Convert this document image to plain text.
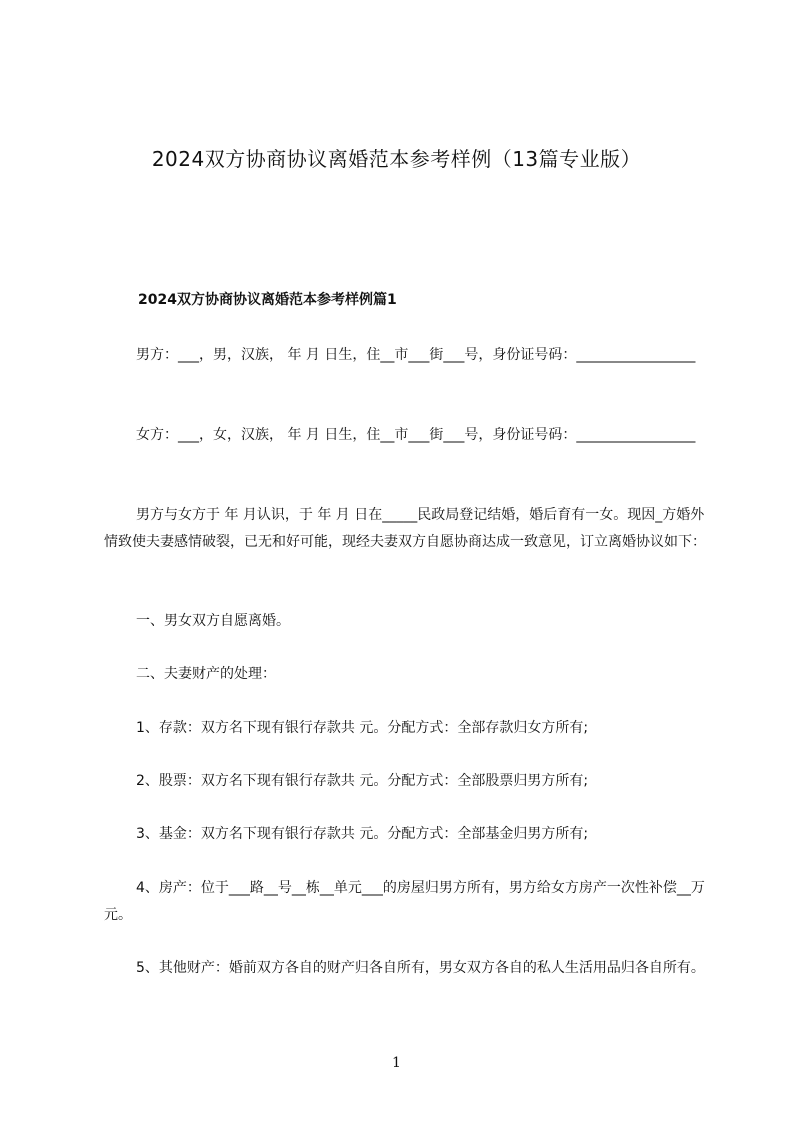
2024双方协商协议离婚范本参考样例（13篇专业版）
2024双方协商协议离婚范本参考样例篇1
男方：___，男，汉族， 年 月 日生，住__市___街___号，身份证号码：_________________
女方：___，女，汉族， 年 月 日生，住__市___街___号，身份证号码：_________________
男方与女方于 年 月认识，于 年 月 日在_____民政局登记结婚，婚后育有一女。现因_方婚外情致使夫妻感情破裂，已无和好可能，现经夫妻双方自愿协商达成一致意见，订立离婚协议如下：
一、男女双方自愿离婚。
二、夫妻财产的处理：
1、存款：双方名下现有银行存款共 元。分配方式：全部存款归女方所有;
2、股票：双方名下现有银行存款共 元。分配方式：全部股票归男方所有;
3、基金：双方名下现有银行存款共 元。分配方式：全部基金归男方所有;
4、房产：位于___路__号__栋__单元___的房屋归男方所有，男方给女方房产一次性补偿__万元。
5、其他财产：婚前双方各自的财产归各自所有，男女双方各自的私人生活用品归各自所有。
1
